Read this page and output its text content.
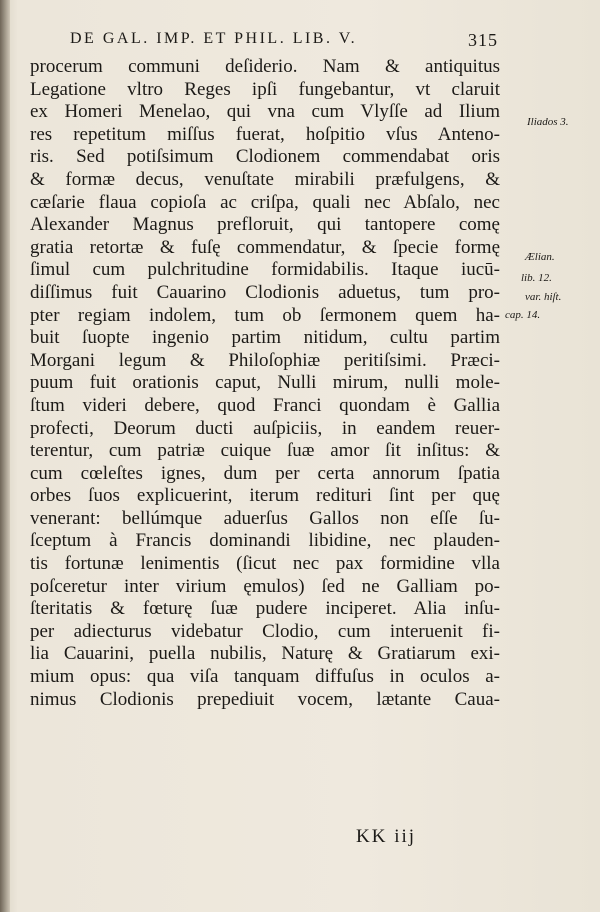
DE GAL. IMP. ET PHIL. LIB. V.	315
procerum communi deſiderio. Nam & antiquitus
Legatione vltro Reges ipſi fungebantur, vt claruit
ex Homeri Menelao, qui vna cum Vlyſſe ad Ilium
res repetitum miſſus fuerat, hoſpitio vſus Anteno-
ris. Sed potiſsimum Clodionem commendabat oris
& formæ decus, venuſtate mirabili præfulgens, &
cæſarie flaua copioſa ac criſpa, quali nec Abſalo, nec
Alexander Magnus prefloruit, qui tantopere comę
gratia retortæ & fuſę commendatur, & ſpecie formę
ſimul cum pulchritudine formidabilis. Itaque iucū-
diſſimus fuit Cauarino Clodionis aduetus, tum pro-
pter regiam indolem, tum ob ſermonem quem ha-
buit ſuopte ingenio partim nitidum, cultu partim
Morgani legum & Philoſophiæ peritiſsimi. Præci-
puum fuit orationis caput, Nulli mirum, nulli mole-
ſtum videri debere, quod Franci quondam è Gallia
profecti, Deorum ducti auſpiciis, in eandem reuer-
terentur, cum patriæ cuique ſuæ amor ſit inſitus: &
cum cœleſtes ignes, dum per certa annorum ſpatia
orbes ſuos explicuerint, iterum redituri ſint per quę
venerant: bellúmque aduerſus Gallos non eſſe ſu-
ſceptum à Francis dominandi libidine, nec plauden-
tis fortunæ lenimentis (ſicut nec pax formidine vlla
poſceretur inter virium ęmulos) ſed ne Galliam po-
ſteritatis & fœturę ſuæ pudere inciperet. Alia inſu-
per adiecturus videbatur Clodio, cum interuenit fi-
lia Cauarini, puella nubilis, Naturę & Gratiarum exi-
mium opus: qua viſa tanquam diffuſus in oculos a-
nimus Clodionis prepediuit vocem, lætante Caua-
Iliados 3.
Ælian.
lib. 12.
var. hiſt.
cap. 14.
KK iij
